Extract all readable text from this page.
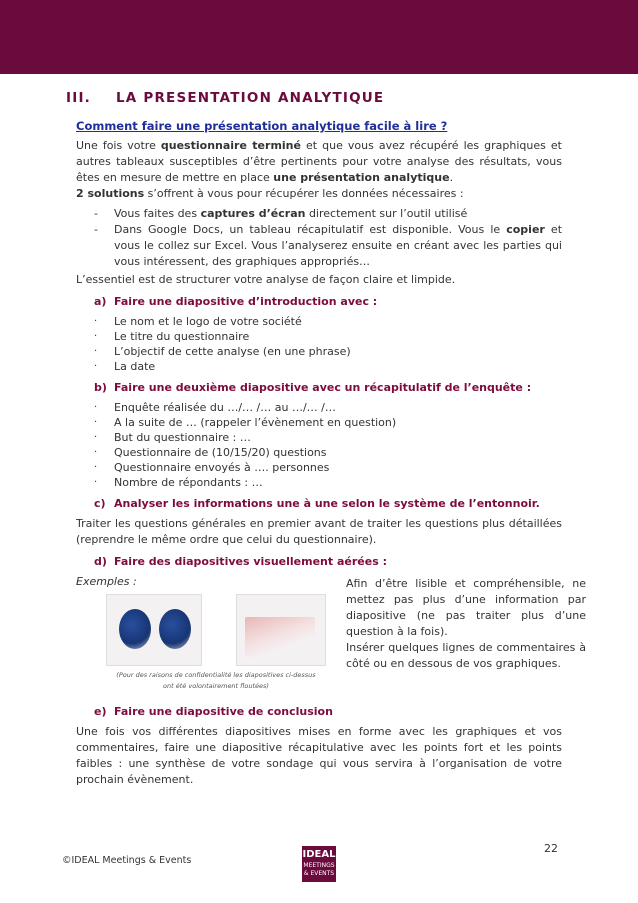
III. LA PRESENTATION ANALYTIQUE

Comment faire une présentation analytique facile à lire ?

Une fois votre questionnaire terminé et que vous avez récupéré les graphiques et autres tableaux susceptibles d’être pertinents pour votre analyse des résultats, vous êtes en mesure de mettre en place une présentation analytique.

2 solutions s’offrent à vous pour récupérer les données nécessaires :

- Vous faites des captures d’écran directement sur l’outil utilisé
- Dans Google Docs, un tableau récapitulatif est disponible. Vous le copier et vous le collez sur Excel. Vous l’analyserez ensuite en créant avec les parties qui vous intéressent, des graphiques appropriés…

L’essentiel est de structurer votre analyse de façon claire et limpide.

a) Faire une diapositive d’introduction avec :

· Le nom et le logo de votre société
· Le titre du questionnaire
· L’objectif de cette analyse (en une phrase)
· La date

b) Faire une deuxième diapositive avec un récapitulatif de l’enquête :

· Enquête réalisée du …/… /… au …/… /…
· A la suite de … (rappeler l’évènement en question)
· But du questionnaire : …
· Questionnaire de (10/15/20) questions
· Questionnaire envoyés à …. personnes
· Nombre de répondants : …

c) Analyser les informations une à une selon le système de l’entonnoir.

Traiter les questions générales en premier avant de traiter les questions plus détaillées (reprendre le même ordre que celui du questionnaire).

d) Faire des diapositives visuellement aérées :

Exemples :
(Pour des raisons de confidentialité les diapositives ci-dessus
ont été volontairement floutées)
Afin d’être lisible et compréhensible, ne mettez pas plus d’une information par diapositive (ne pas traiter plus d’une question à la fois).
Insérer quelques lignes de commentaires à côté ou en dessous de vos graphiques.

e) Faire une diapositive de conclusion

Une fois vos différentes diapositives mises en forme avec les graphiques et vos commentaires, faire une diapositive récapitulative avec les points fort et les points faibles : une synthèse de votre sondage qui vous servira à l’organisation de votre prochain évènement.

22
IDEAL
MEETINGS
& EVENTS
©IDEAL Meetings & Events
